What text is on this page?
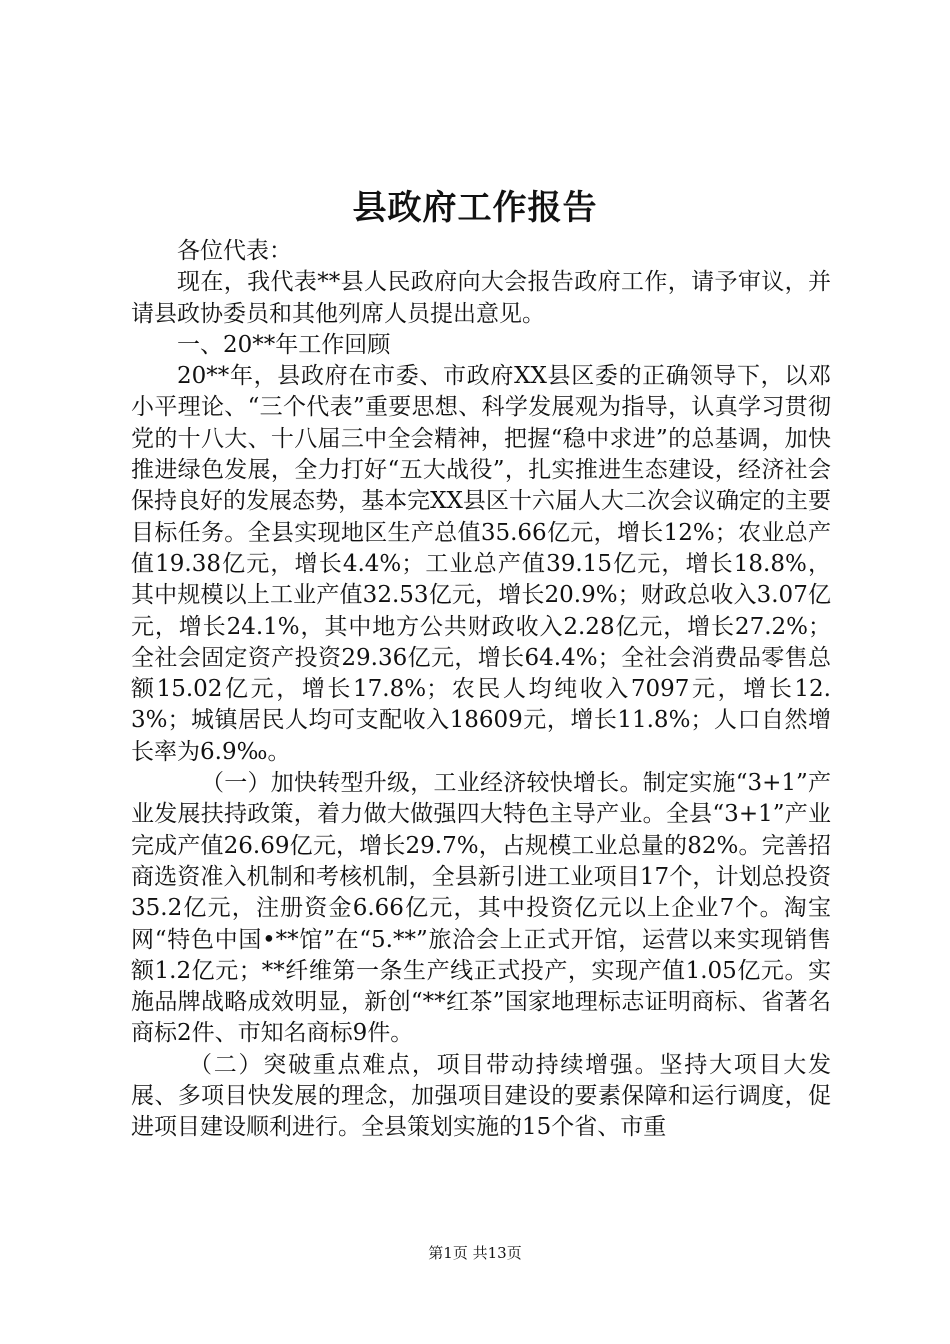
县政府工作报告

各位代表：

现在，我代表**县人民政府向大会报告政府工作，请予审议，并请县政协委员和其他列席人员提出意见。

一、20**年工作回顾

20**年，县政府在市委、市政府XX县区委的正确领导下，以邓小平理论、“三个代表”重要思想、科学发展观为指导，认真学习贯彻党的十八大、十八届三中全会精神，把握“稳中求进”的总基调，加快推进绿色发展，全力打好“五大战役”，扎实推进生态建设，经济社会保持良好的发展态势，基本完XX县区十六届人大二次会议确定的主要目标任务。全县实现地区生产总值35.66亿元，增长12%；农业总产值19.38亿元，增长4.4%；工业总产值39.15亿元，增长18.8%，其中规模以上工业产值32.53亿元，增长20.9%；财政总收入3.07亿元，增长24.1%，其中地方公共财政收入2.28亿元，增长27.2%；全社会固定资产投资29.36亿元，增长64.4%；全社会消费品零售总额15.02亿元，增长17.8%；农民人均纯收入7097元，增长12.3%；城镇居民人均可支配收入18609元，增长11.8%；人口自然增长率为6.9‰。

（一）加快转型升级，工业经济较快增长。制定实施“3+1”产业发展扶持政策，着力做大做强四大特色主导产业。全县“3+1”产业完成产值26.69亿元，增长29.7%，占规模工业总量的82%。完善招商选资准入机制和考核机制，全县新引进工业项目17个，计划总投资35.2亿元，注册资金6.66亿元，其中投资亿元以上企业7个。淘宝网“特色中国•**馆”在“5.**”旅洽会上正式开馆，运营以来实现销售额1.2亿元；**纤维第一条生产线正式投产，实现产值1.05亿元。实施品牌战略成效明显，新创“**红茶”国家地理标志证明商标、省著名商标2件、市知名商标9件。

（二）突破重点难点，项目带动持续增强。坚持大项目大发展、多项目快发展的理念，加强项目建设的要素保障和运行调度，促进项目建设顺利进行。全县策划实施的15个省、市重

第1页 共13页
